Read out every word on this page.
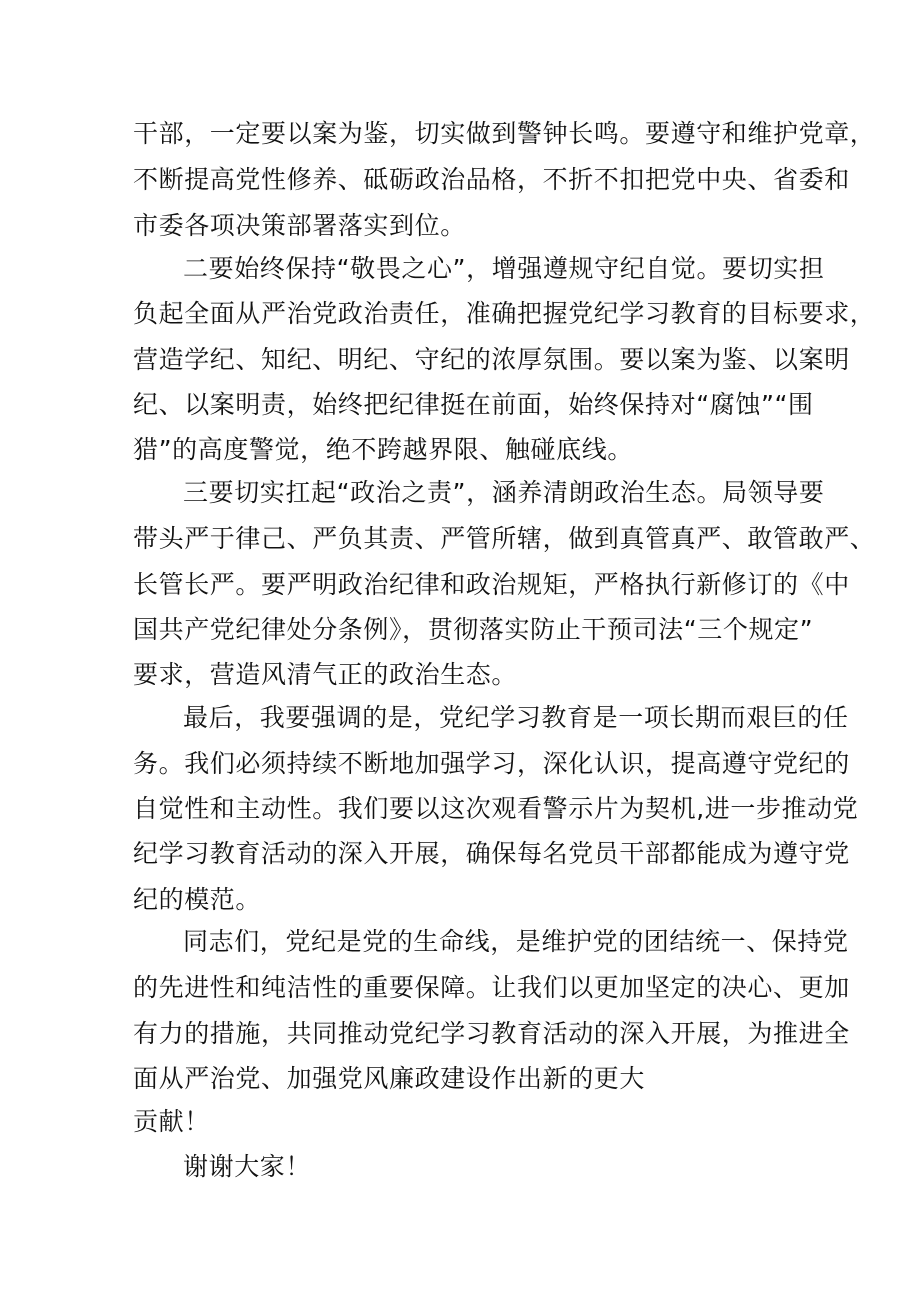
干部，一定要以案为鉴，切实做到警钟长鸣。要遵守和维护党章，
不断提高党性修养、砥砺政治品格，不折不扣把党中央、省委和
市委各项决策部署落实到位。
二要始终保持“敬畏之心”，增强遵规守纪自觉。要切实担
负起全面从严治党政治责任，准确把握党纪学习教育的目标要求，
营造学纪、知纪、明纪、守纪的浓厚氛围。要以案为鉴、以案明
纪、以案明责，始终把纪律挺在前面，始终保持对“腐蚀”“围
猎”的高度警觉，绝不跨越界限、触碰底线。
三要切实扛起“政治之责”，涵养清朗政治生态。局领导要
带头严于律己、严负其责、严管所辖，做到真管真严、敢管敢严、
长管长严。要严明政治纪律和政治规矩，严格执行新修订的《中
国共产党纪律处分条例》，贯彻落实防止干预司法“三个规定”
要求，营造风清气正的政治生态。
最后，我要强调的是，党纪学习教育是一项长期而艰巨的任
务。我们必须持续不断地加强学习，深化认识，提高遵守党纪的
自觉性和主动性。我们要以这次观看警示片为契机,进一步推动党
纪学习教育活动的深入开展，确保每名党员干部都能成为遵守党
纪的模范。
同志们，党纪是党的生命线，是维护党的团结统一、保持党
的先进性和纯洁性的重要保障。让我们以更加坚定的决心、更加
有力的措施，共同推动党纪学习教育活动的深入开展，为推进全
面从严治党、加强党风廉政建设作出新的更大
贡献！
谢谢大家！
